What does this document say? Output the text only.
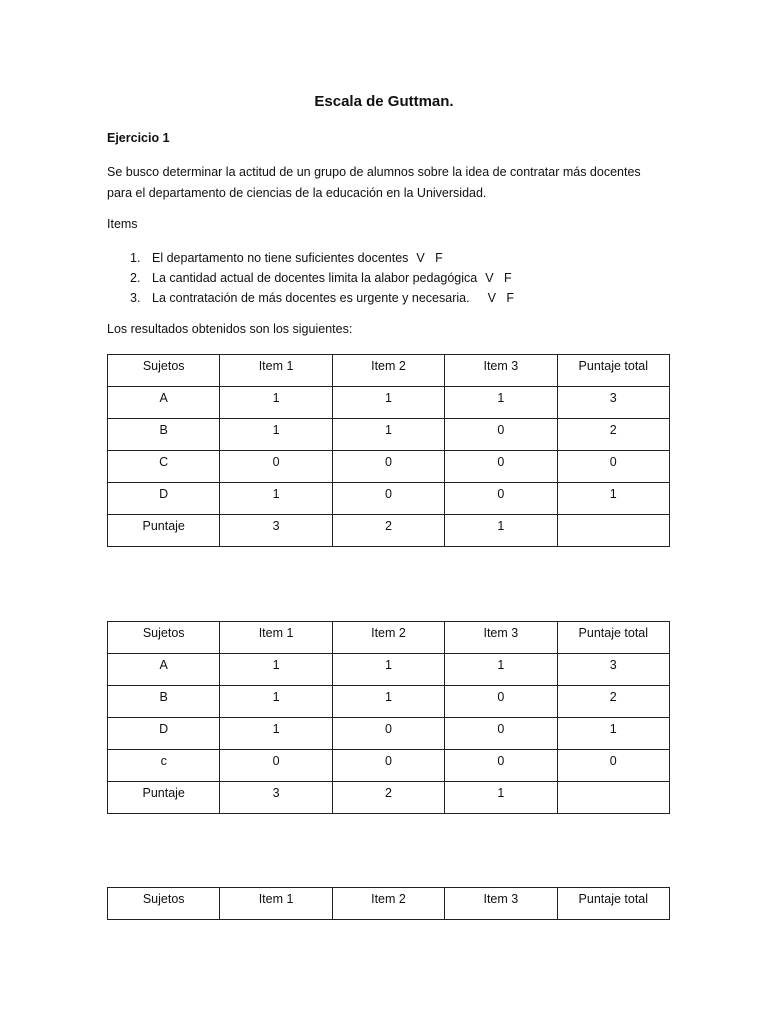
Escala de Guttman.
Ejercicio 1
Se busco determinar la actitud de un grupo de alumnos sobre la idea de contratar más docentes para el departamento de ciencias de la educación en la Universidad.
Items
1. El departamento no tiene suficientes docentes V   F
2. La cantidad actual de docentes limita la alabor pedagógica V   F
3. La contratación de más docentes es urgente y necesaria. V   F
Los resultados obtenidos son los siguientes:
Sujetos	Item 1	Item 2	Item 3	Puntaje total
A	1	1	1	3
B	1	1	0	2
C	0	0	0	0
D	1	0	0	1
Puntaje	3	2	1	
Sujetos	Item 1	Item 2	Item 3	Puntaje total
A	1	1	1	3
B	1	1	0	2
D	1	0	0	1
c	0	0	0	0
Puntaje	3	2	1	
Sujetos	Item 1	Item 2	Item 3	Puntaje total
